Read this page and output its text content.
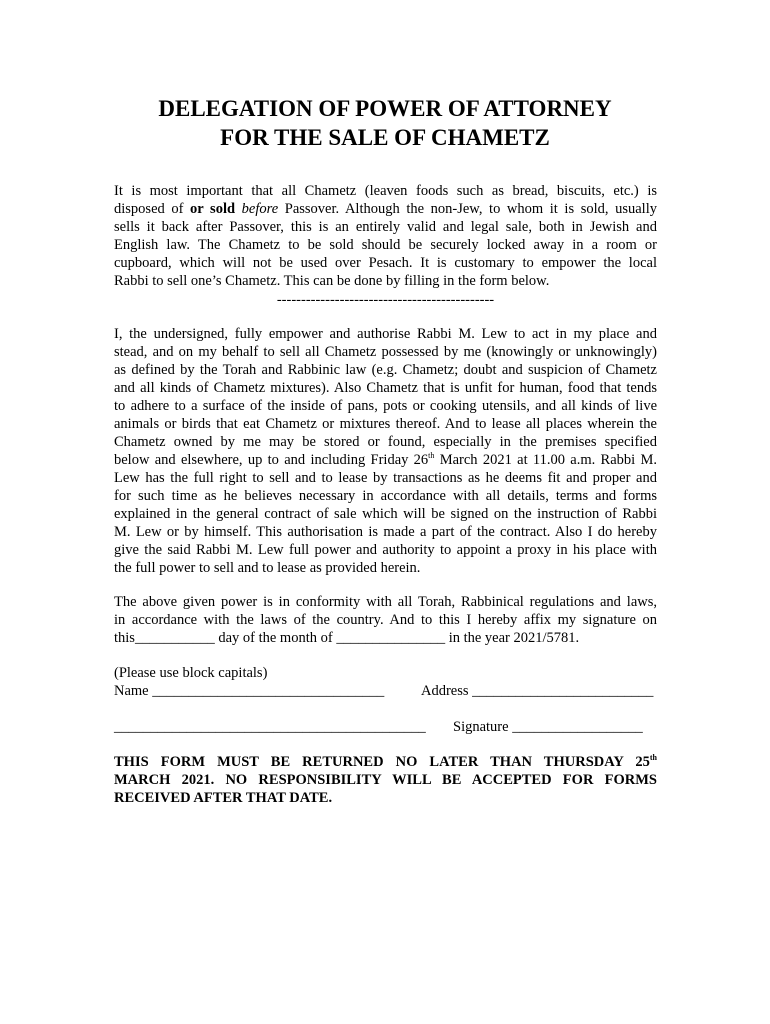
DELEGATION OF POWER OF ATTORNEY
FOR THE SALE OF CHAMETZ
It is most important that all Chametz (leaven foods such as bread, biscuits, etc.) is
disposed of or sold before Passover. Although the non-Jew, to whom it is sold, usually
sells it back after Passover, this is an entirely valid and legal sale, both in Jewish and
English law. The Chametz to be sold should be securely locked away in a room or
cupboard, which will not be used over Pesach. It is customary to empower the local
Rabbi to sell one’s Chametz. This can be done by filling in the form below.
---------------------------------------------
I, the undersigned, fully empower and authorise Rabbi M. Lew to act in my place and
stead, and on my behalf to sell all Chametz possessed by me (knowingly or unknowingly)
as defined by the Torah and Rabbinic law (e.g. Chametz; doubt and suspicion of Chametz
and all kinds of Chametz mixtures). Also Chametz that is unfit for human, food that tends
to adhere to a surface of the inside of pans, pots or cooking utensils, and all kinds of live
animals or birds that eat Chametz or mixtures thereof. And to lease all places wherein the
Chametz owned by me may be stored or found, especially in the premises specified
below and elsewhere, up to and including Friday 26th March 2021 at 11.00 a.m. Rabbi M.
Lew has the full right to sell and to lease by transactions as he deems fit and proper and
for such time as he believes necessary in accordance with all details, terms and forms
explained in the general contract of sale which will be signed on the instruction of Rabbi
M. Lew or by himself. This authorisation is made a part of the contract. Also I do hereby
give the said Rabbi M. Lew full power and authority to appoint a proxy in his place with
the full power to sell and to lease as provided herein.
The above given power is in conformity with all Torah, Rabbinical regulations and laws,
in accordance with the laws of the country. And to this I hereby affix my signature on
this___________ day of the month of _______________ in the year 2021/5781.
(Please use block capitals)
Name ________________________________	Address _________________________
___________________________________________ Signature __________________
THIS FORM MUST BE RETURNED NO LATER THAN THURSDAY 25th
MARCH 2021. NO RESPONSIBILITY WILL BE ACCEPTED FOR FORMS
RECEIVED AFTER THAT DATE.
